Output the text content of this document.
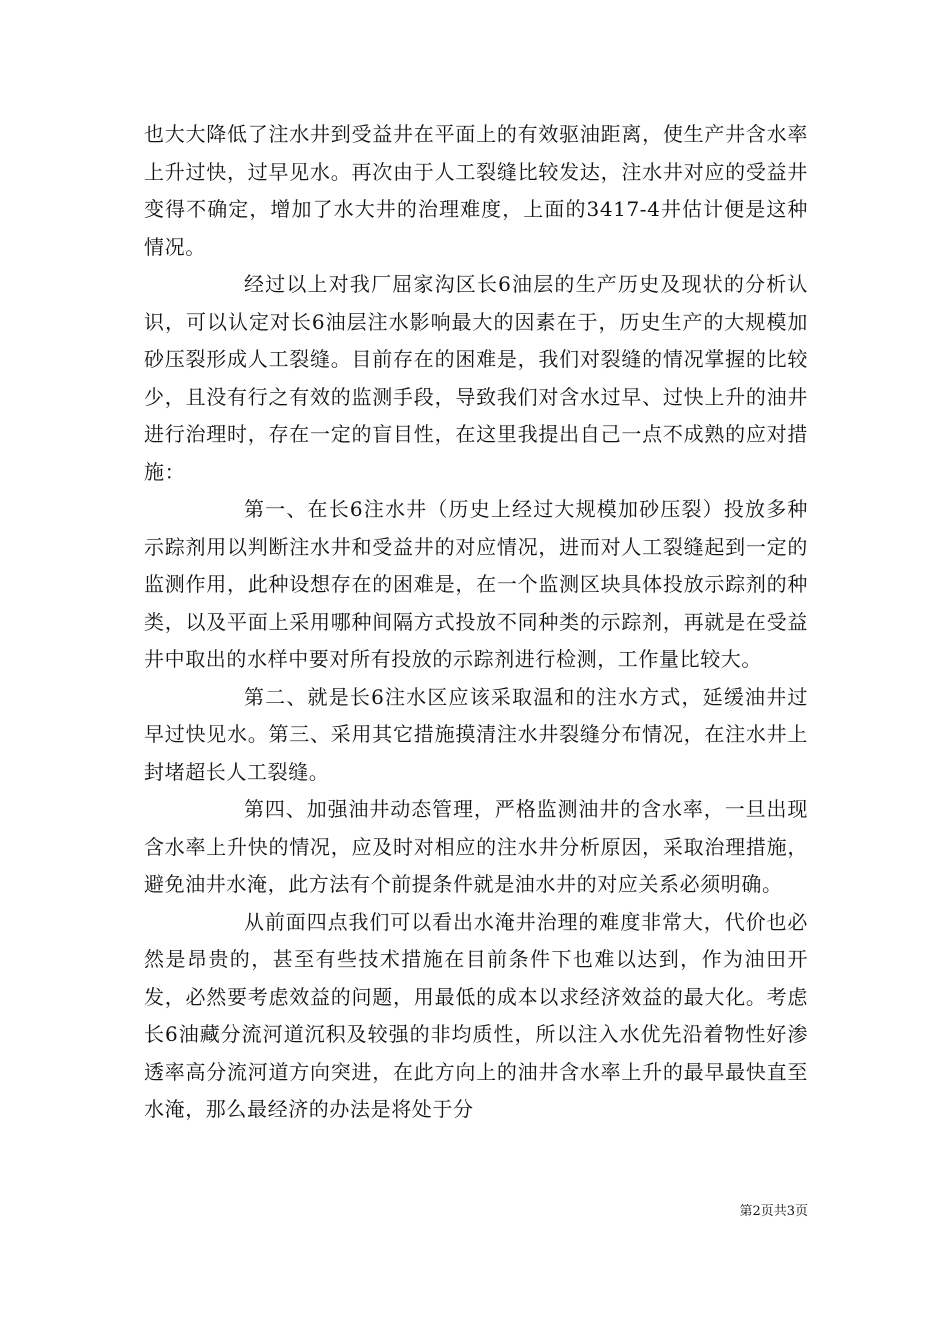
也大大降低了注水井到受益井在平面上的有效驱油距离，使生产井含水率上升过快，过早见水。再次由于人工裂缝比较发达，注水井对应的受益井变得不确定，增加了水大井的治理难度，上面的3417-4井估计便是这种情况。

经过以上对我厂屈家沟区长6油层的生产历史及现状的分析认识，可以认定对长6油层注水影响最大的因素在于，历史生产的大规模加砂压裂形成人工裂缝。目前存在的困难是，我们对裂缝的情况掌握的比较少，且没有行之有效的监测手段，导致我们对含水过早、过快上升的油井进行治理时，存在一定的盲目性，在这里我提出自己一点不成熟的应对措施：

第一、在长6注水井（历史上经过大规模加砂压裂）投放多种示踪剂用以判断注水井和受益井的对应情况，进而对人工裂缝起到一定的监测作用，此种设想存在的困难是，在一个监测区块具体投放示踪剂的种类，以及平面上采用哪种间隔方式投放不同种类的示踪剂，再就是在受益井中取出的水样中要对所有投放的示踪剂进行检测，工作量比较大。

第二、就是长6注水区应该采取温和的注水方式，延缓油井过早过快见水。第三、采用其它措施摸清注水井裂缝分布情况，在注水井上封堵超长人工裂缝。

第四、加强油井动态管理，严格监测油井的含水率，一旦出现含水率上升快的情况，应及时对相应的注水井分析原因，采取治理措施，避免油井水淹，此方法有个前提条件就是油水井的对应关系必须明确。

从前面四点我们可以看出水淹井治理的难度非常大，代价也必然是昂贵的，甚至有些技术措施在目前条件下也难以达到，作为油田开发，必然要考虑效益的问题，用最低的成本以求经济效益的最大化。考虑长6油藏分流河道沉积及较强的非均质性，所以注入水优先沿着物性好渗透率高分流河道方向突进，在此方向上的油井含水率上升的最早最快直至水淹，那么最经济的办法是将处于分

第2页共3页
